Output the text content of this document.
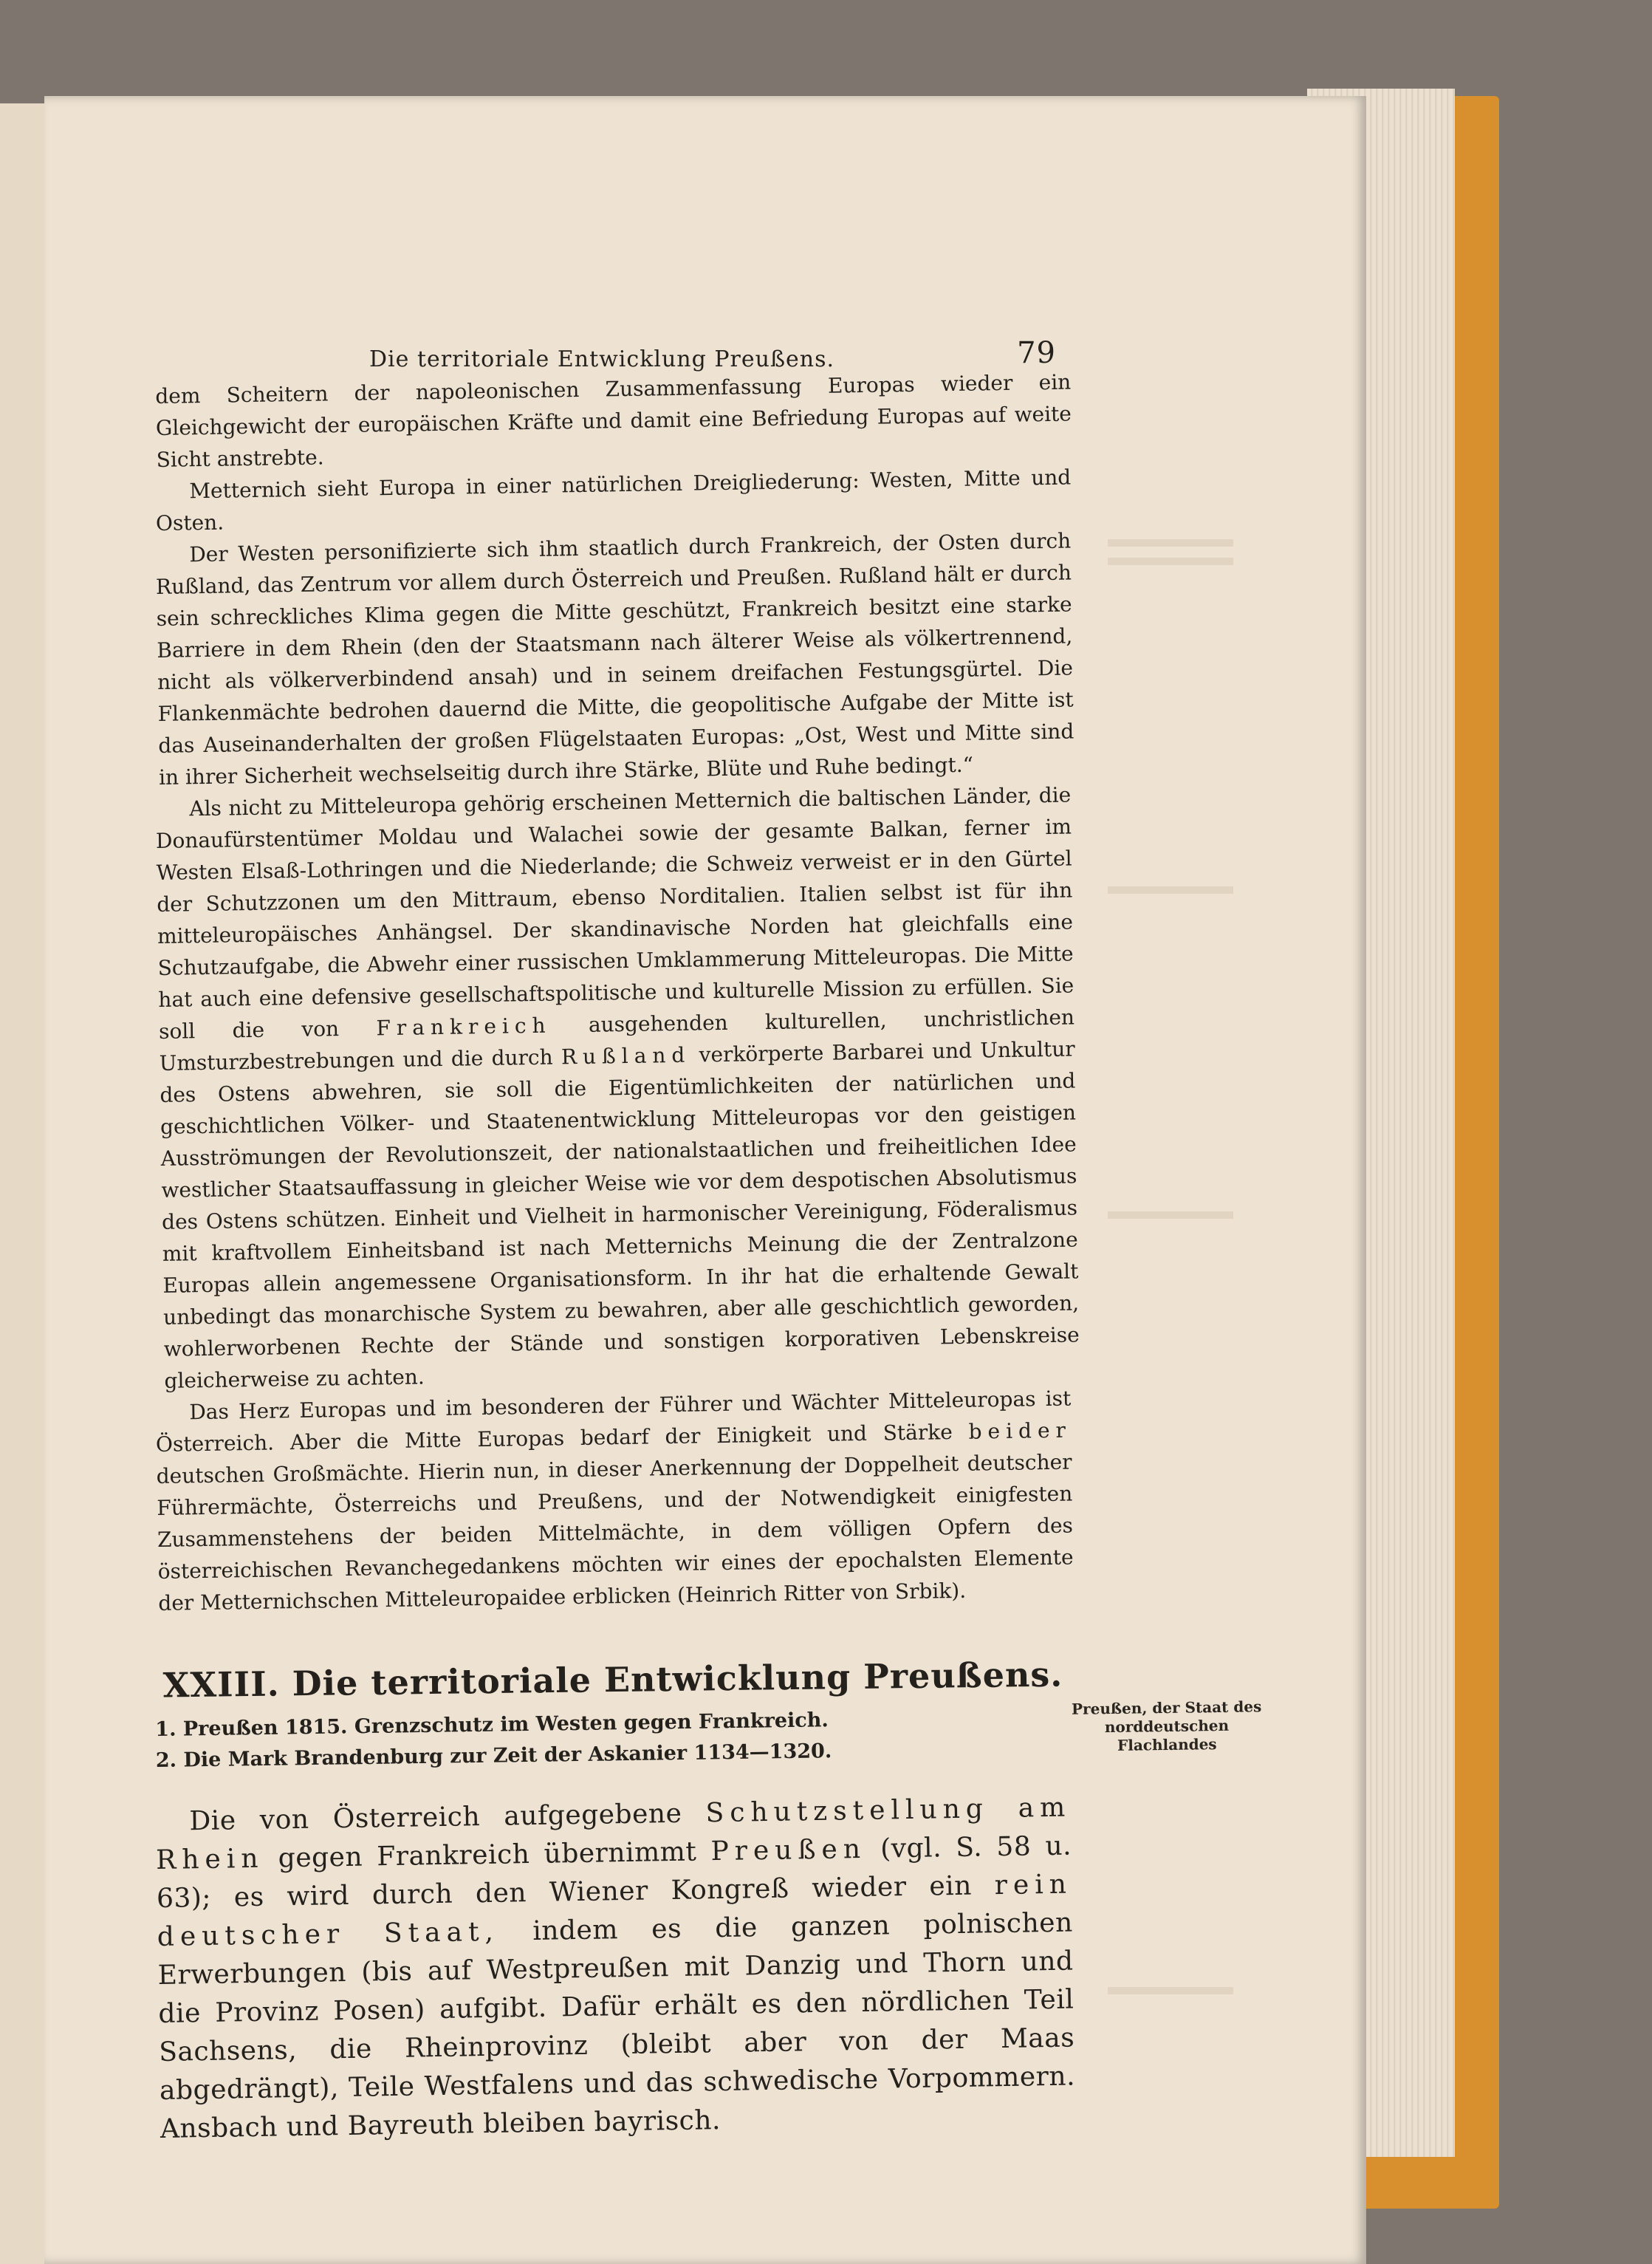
Die territoriale Entwicklung Preußens.	79

dem Scheitern der napoleonischen Zusammenfassung Europas wieder ein Gleichgewicht der europäischen Kräfte und damit eine Befriedung Europas auf weite Sicht anstrebte.

Metternich sieht Europa in einer natürlichen Dreigliederung: Westen, Mitte und Osten.

Der Westen personifizierte sich ihm staatlich durch Frankreich, der Osten durch Rußland, das Zentrum vor allem durch Österreich und Preußen. Rußland hält er durch sein schreckliches Klima gegen die Mitte geschützt, Frankreich besitzt eine starke Barriere in dem Rhein (den der Staatsmann nach älterer Weise als völkertrennend, nicht als völkerverbindend ansah) und in seinem dreifachen Festungsgürtel. Die Flankenmächte bedrohen dauernd die Mitte, die geopolitische Aufgabe der Mitte ist das Auseinanderhalten der großen Flügelstaaten Europas: „Ost, West und Mitte sind in ihrer Sicherheit wechselseitig durch ihre Stärke, Blüte und Ruhe bedingt.“

Als nicht zu Mitteleuropa gehörig erscheinen Metternich die baltischen Länder, die Donaufürstentümer Moldau und Walachei sowie der gesamte Balkan, ferner im Westen Elsaß-Lothringen und die Niederlande; die Schweiz verweist er in den Gürtel der Schutzzonen um den Mittraum, ebenso Norditalien. Italien selbst ist für ihn mitteleuropäisches Anhängsel. Der skandinavische Norden hat gleichfalls eine Schutzaufgabe, die Abwehr einer russischen Umklammerung Mitteleuropas. Die Mitte hat auch eine defensive gesellschaftspolitische und kulturelle Mission zu erfüllen. Sie soll die von Frankreich ausgehenden kulturellen, unchristlichen Umsturzbestrebungen und die durch Rußland verkörperte Barbarei und Unkultur des Ostens abwehren, sie soll die Eigentümlichkeiten der natürlichen und geschichtlichen Völker- und Staatenentwicklung Mitteleuropas vor den geistigen Ausströmungen der Revolutionszeit, der nationalstaatlichen und freiheitlichen Idee westlicher Staatsauffassung in gleicher Weise wie vor dem despotischen Absolutismus des Ostens schützen. Einheit und Vielheit in harmonischer Vereinigung, Föderalismus mit kraftvollem Einheitsband ist nach Metternichs Meinung die der Zentralzone Europas allein angemessene Organisationsform. In ihr hat die erhaltende Gewalt unbedingt das monarchische System zu bewahren, aber alle geschichtlich geworden, wohlerworbenen Rechte der Stände und sonstigen korporativen Lebenskreise gleicherweise zu achten.

Das Herz Europas und im besonderen der Führer und Wächter Mitteleuropas ist Österreich. Aber die Mitte Europas bedarf der Einigkeit und Stärke beider deutschen Großmächte. Hierin nun, in dieser Anerkennung der Doppelheit deutscher Führermächte, Österreichs und Preußens, und der Notwendigkeit einigfesten Zusammenstehens der beiden Mittelmächte, in dem völligen Opfern des österreichischen Revanchegedankens möchten wir eines der epochalsten Elemente der Metternichschen Mitteleuropaidee erblicken (Heinrich Ritter von Srbik).

XXIII. Die territoriale Entwicklung Preußens.
1. Preußen 1815. Grenzschutz im Westen gegen Frankreich.
2. Die Mark Brandenburg zur Zeit der Askanier 1134—1320.

Die von Österreich aufgegebene Schutzstellung am Rhein gegen Frankreich übernimmt Preußen (vgl. S. 58 u. 63); es wird durch den Wiener Kongreß wieder ein rein deutscher Staat, indem es die ganzen polnischen Erwerbungen (bis auf Westpreußen mit Danzig und Thorn und die Provinz Posen) aufgibt. Dafür erhält es den nördlichen Teil Sachsens, die Rheinprovinz (bleibt aber von der Maas abgedrängt), Teile Westfalens und das schwedische Vorpommern. Ansbach und Bayreuth bleiben bayrisch.

Preußen, der Staat des norddeutschen Flachlandes
